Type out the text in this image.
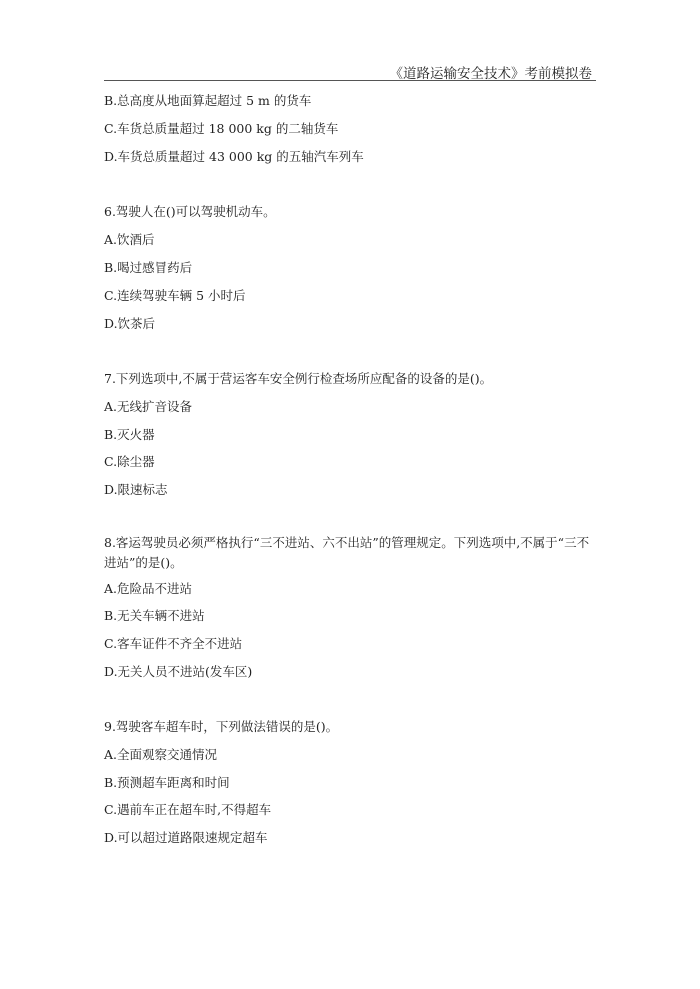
《道路运输安全技术》考前模拟卷
B.总高度从地面算起超过 5 m 的货车
C.车货总质量超过 18 000 kg 的二轴货车
D.车货总质量超过 43 000 kg 的五轴汽车列车
6.驾驶人在()可以驾驶机动车。
A.饮酒后
B.喝过感冒药后
C.连续驾驶车辆 5 小时后
D.饮茶后
7.下列选项中,不属于营运客车安全例行检查场所应配备的设备的是()。
A.无线扩音设备
B.灭火器
C.除尘器
D.限速标志
8.客运驾驶员必须严格执行“三不进站、六不出站”的管理规定。下列选项中,不属于“三不进站”的是()。
A.危险品不进站
B.无关车辆不进站
C.客车证件不齐全不进站
D.无关人员不进站(发车区)
9.驾驶客车超车时，下列做法错误的是()。
A.全面观察交通情况
B.预测超车距离和时间
C.遇前车正在超车时,不得超车
D.可以超过道路限速规定超车
